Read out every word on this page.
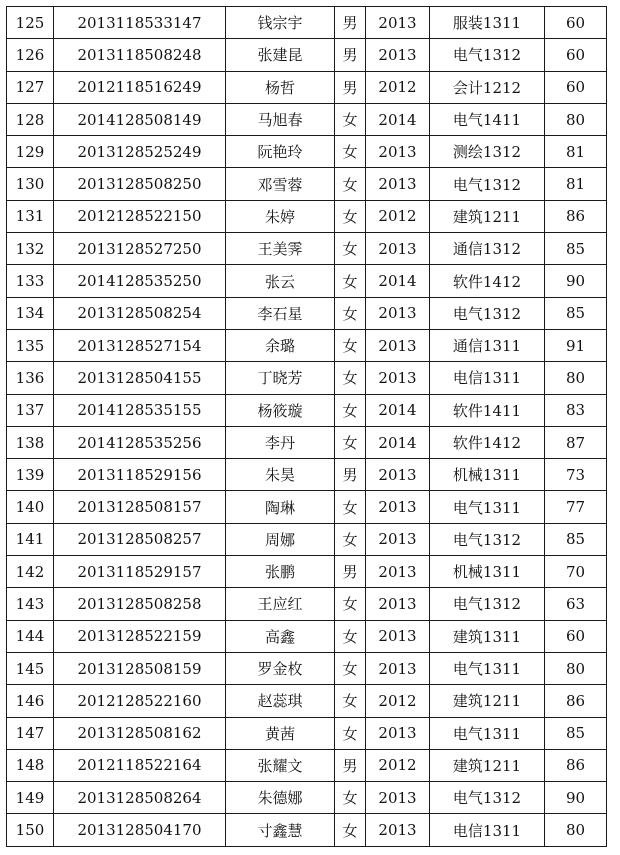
125	2013118533147	钱宗宇	男	2013	服装1311	60
126	2013118508248	张建昆	男	2013	电气1312	60
127	2012118516249	杨哲	男	2012	会计1212	60
128	2014128508149	马旭春	女	2014	电气1411	80
129	2013128525249	阮艳玲	女	2013	测绘1312	81
130	2013128508250	邓雪蓉	女	2013	电气1312	81
131	2012128522150	朱婷	女	2012	建筑1211	86
132	2013128527250	王美霁	女	2013	通信1312	85
133	2014128535250	张云	女	2014	软件1412	90
134	2013128508254	李石星	女	2013	电气1312	85
135	2013128527154	余璐	女	2013	通信1311	91
136	2013128504155	丁晓芳	女	2013	电信1311	80
137	2014128535155	杨筱璇	女	2014	软件1411	83
138	2014128535256	李丹	女	2014	软件1412	87
139	2013118529156	朱昊	男	2013	机械1311	73
140	2013128508157	陶琳	女	2013	电气1311	77
141	2013128508257	周娜	女	2013	电气1312	85
142	2013118529157	张鹏	男	2013	机械1311	70
143	2013128508258	王应红	女	2013	电气1312	63
144	2013128522159	高鑫	女	2013	建筑1311	60
145	2013128508159	罗金枚	女	2013	电气1311	80
146	2012128522160	赵蕊琪	女	2012	建筑1211	86
147	2013128508162	黄茜	女	2013	电气1311	85
148	2012118522164	张耀文	男	2012	建筑1211	86
149	2013128508264	朱德娜	女	2013	电气1312	90
150	2013128504170	寸鑫慧	女	2013	电信1311	80
